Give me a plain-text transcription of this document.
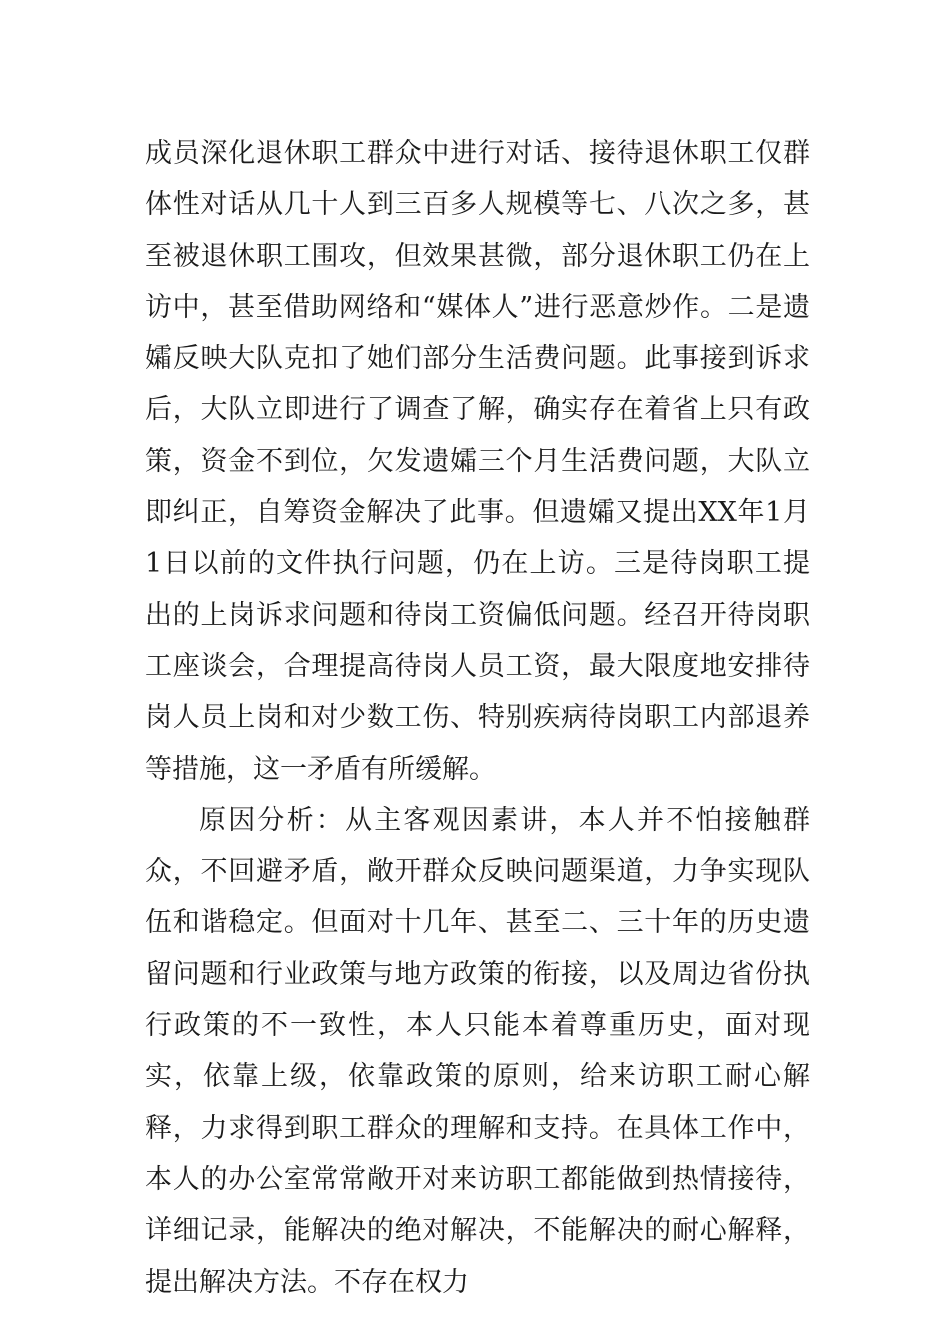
成员深化退休职工群众中进行对话、接待退休职工仅群体性对话从几十人到三百多人规模等七、八次之多，甚至被退休职工围攻，但效果甚微，部分退休职工仍在上访中，甚至借助网络和“媒体人”进行恶意炒作。二是遗孀反映大队克扣了她们部分生活费问题。此事接到诉求后，大队立即进行了调查了解，确实存在着省上只有政策，资金不到位，欠发遗孀三个月生活费问题，大队立即纠正，自筹资金解决了此事。但遗孀又提出XX年1月1日以前的文件执行问题，仍在上访。三是待岗职工提出的上岗诉求问题和待岗工资偏低问题。经召开待岗职工座谈会，合理提高待岗人员工资，最大限度地安排待岗人员上岗和对少数工伤、特别疾病待岗职工内部退养等措施，这一矛盾有所缓解。

原因分析：从主客观因素讲，本人并不怕接触群众，不回避矛盾，敞开群众反映问题渠道，力争实现队伍和谐稳定。但面对十几年、甚至二、三十年的历史遗留问题和行业政策与地方政策的衔接，以及周边省份执行政策的不一致性，本人只能本着尊重历史，面对现实，依靠上级，依靠政策的原则，给来访职工耐心解释，力求得到职工群众的理解和支持。在具体工作中，本人的办公室常常敞开对来访职工都能做到热情接待，详细记录，能解决的绝对解决，不能解决的耐心解释，提出解决方法。不存在权力
